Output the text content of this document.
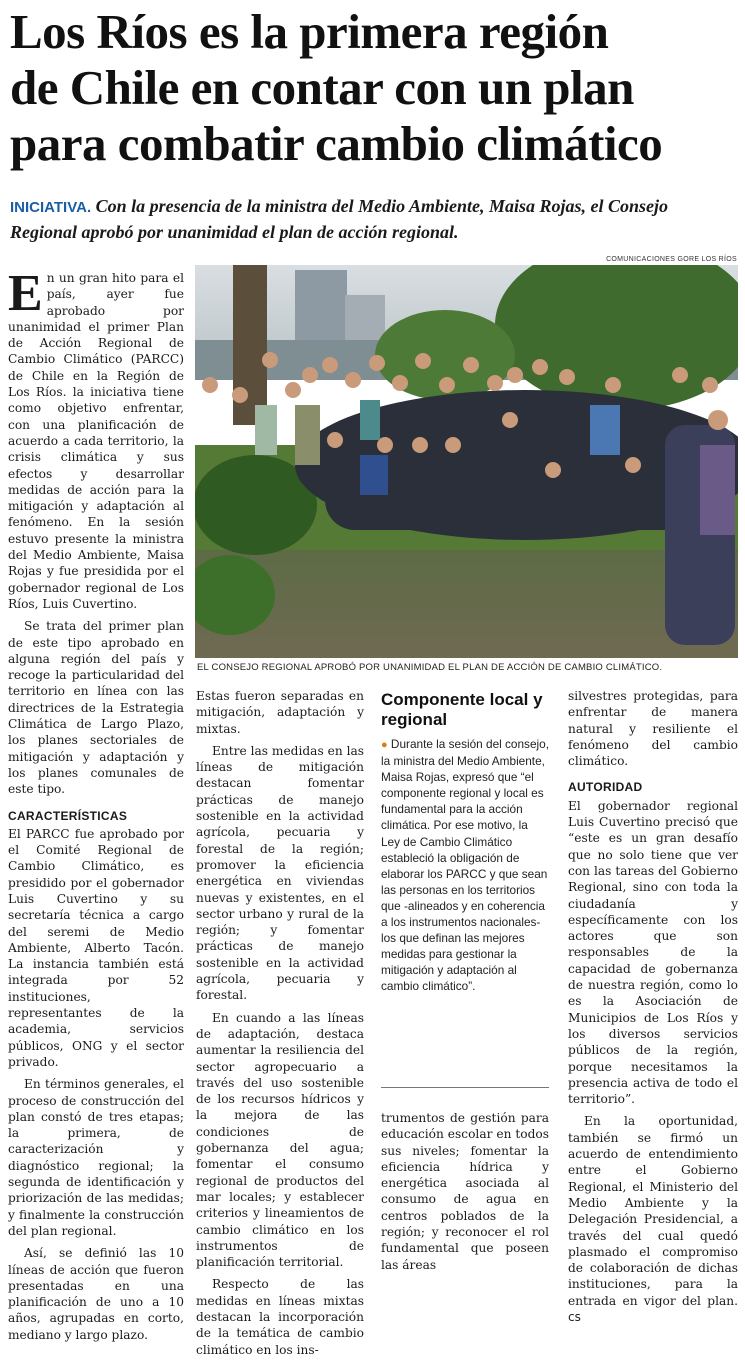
Los Ríos es la primera región
de Chile en contar con un plan
para combatir cambio climático
INICIATIVA. Con la presencia de la ministra del Medio Ambiente, Maisa Rojas, el Consejo Regional aprobó por unanimidad el plan de acción regional.
COMUNICACIONES GORE LOS RÍOS
EL CONSEJO REGIONAL APROBÓ POR UNANIMIDAD EL PLAN DE ACCIÓN DE CAMBIO CLIMÁTICO.

En un gran hito para el país, ayer fue aprobado por unanimidad el primer Plan de Acción Regional de Cambio Climático (PARCC) de Chile en la Región de Los Ríos. la iniciativa tiene como objetivo enfrentar, con una planificación de acuerdo a cada territorio, la crisis climática y sus efectos y desarrollar medidas de acción para la mitigación y adaptación al fenómeno. En la sesión estuvo presente la ministra del Medio Ambiente, Maisa Rojas y fue presidida por el gobernador regional de Los Ríos, Luis Cuvertino.

Se trata del primer plan de este tipo aprobado en alguna región del país y recoge la particularidad del territorio en línea con las directrices de la Estrategia Climática de Largo Plazo, los planes sectoriales de mitigación y adaptación y los planes comunales de este tipo.

CARACTERÍSTICAS

El PARCC fue aprobado por el Comité Regional de Cambio Climático, es presidido por el gobernador Luis Cuvertino y su secretaría técnica a cargo del seremi de Medio Ambiente, Alberto Tacón. La instancia también está integrada por 52 instituciones, representantes de la academia, servicios públicos, ONG y el sector privado.

En términos generales, el proceso de construcción del plan constó de tres etapas; la primera, de caracterización y diagnóstico regional; la segunda de identificación y priorización de las medidas; y finalmente la construcción del plan regional.

Así, se definió las 10 líneas de acción que fueron presentadas en una planificación de uno a 10 años, agrupadas en corto, mediano y largo plazo.

Estas fueron separadas en mitigación, adaptación y mixtas.

Entre las medidas en las líneas de mitigación destacan fomentar prácticas de manejo sostenible en la actividad agrícola, pecuaria y forestal de la región; promover la eficiencia energética en viviendas nuevas y existentes, en el sector urbano y rural de la región; y fomentar prácticas de manejo sostenible en la actividad agrícola, pecuaria y forestal.

En cuando a las líneas de adaptación, destaca aumentar la resiliencia del sector agropecuario a través del uso sostenible de los recursos hídricos y la mejora de las condiciones de gobernanza del agua; fomentar el consumo regional de productos del mar locales; y establecer criterios y lineamientos de cambio climático en los instrumentos de planificación territorial.

Respecto de las medidas en líneas mixtas destacan la incorporación de la temática de cambio climático en los ins-

Componente local y regional
● Durante la sesión del consejo, la ministra del Medio Ambiente, Maisa Rojas, expresó que “el componente regional y local es fundamental para la acción climática. Por ese motivo, la Ley de Cambio Climático estableció la obligación de elaborar los PARCC y que sean las personas en los territorios que -alineados y en coherencia a los instrumentos nacionales- los que definan las mejores medidas para gestionar la mitigación y adaptación al cambio climático”.

trumentos de gestión para educación escolar en todos sus niveles; fomentar la eficiencia hídrica y energética asociada al consumo de agua en centros poblados de la región; y reconocer el rol fundamental que poseen las áreas

silvestres protegidas, para enfrentar de manera natural y resiliente el fenómeno del cambio climático.

AUTORIDAD

El gobernador regional Luis Cuvertino precisó que “este es un gran desafío que no solo tiene que ver con las tareas del Gobierno Regional, sino con toda la ciudadanía y específicamente con los actores que son responsables de la capacidad de gobernanza de nuestra región, como lo es la Asociación de Municipios de Los Ríos y los diversos servicios públicos de la región, porque necesitamos la presencia activa de todo el territorio”.

En la oportunidad, también se firmó un acuerdo de entendimiento entre el Gobierno Regional, el Ministerio del Medio Ambiente y la Delegación Presidencial, a través del cual quedó plasmado el compromiso de colaboración de dichas instituciones, para la entrada en vigor del plan. cs
